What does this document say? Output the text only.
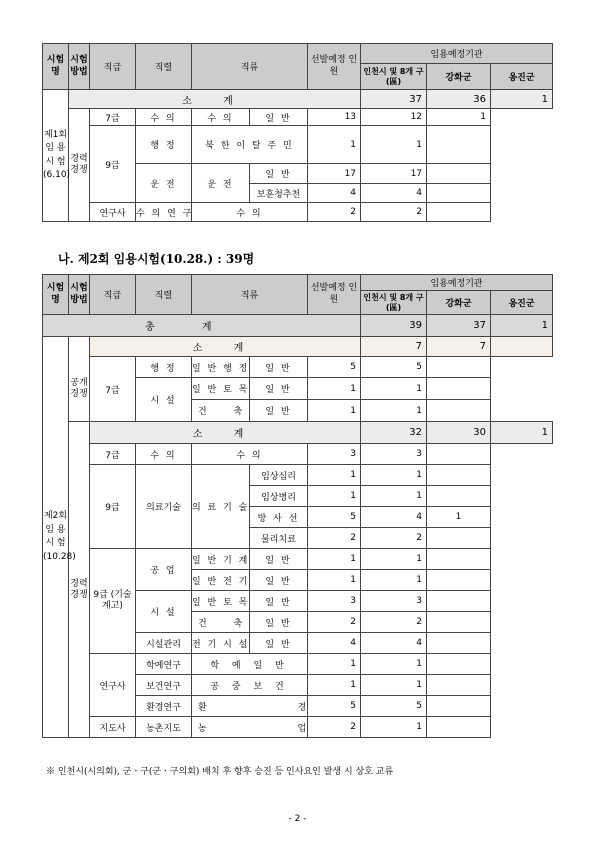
시험명	시험 방법	직급	직렬	직류		선발예정 인 원	임용예정기관		
							인천시 및 8개 구(區)	강화군	옹진군
제1회 임 용 시 험 (6.10)	소 계						37	36	1
	경력 경쟁	7급	수 의	수 의	일 반	13	12	1	
		9급	행 정	북 한 이 탈 주 민		1	1		
			운 전	운 전	일 반	17	17		
					보훈청추천	4	4		
		연구사	수 의 연 구	수 의		2	2		
나. 제2회 임용시험(10.28.) : 39명
시험명	시험 방법	직급	직렬	직류		선발예정 인 원	임용예정기관		
							인천시 및 8개 구(區)	강화군	옹진군
총 계							39	37	1
제2회 임 용 시 험 (10.28)		소 계					7	7	
	공개 경쟁	7급	행 정	일 반 행 정	일 반	5	5		
			시 설	일 반 토 목	일 반	1	1		
				건 축	일 반	1	1		
		소 계					32	30	1
	경력 경쟁	7급	수 의	수 의		3	3		
		9급	의료기술	의 료 기 술	임상심리	1	1		
					임상병리	1	1		
					방 사 선	5	4	1	
					물리치료	2	2		
		9급 (기술계고)	공 업	일 반 기 계	일 반	1	1		
				일 반 전 기	일 반	1	1		
			시 설	일 반 토 목	일 반	3	3		
				건 축	일 반	2	2		
			시설관리	전 기 시 설	일 반	4	4		
		연구사	학예연구	학 예 일 반		1	1		
			보건연구	공 중 보 건		1	1		
			환경연구	환 경		5	5		
		지도사	농촌지도	농 업		2	1		
※ 인천시(시의회), 군ㆍ구(군ㆍ구의회) 배치 후 향후 승진 등 인사요인 발생 시 상호 교류
- 2 -
